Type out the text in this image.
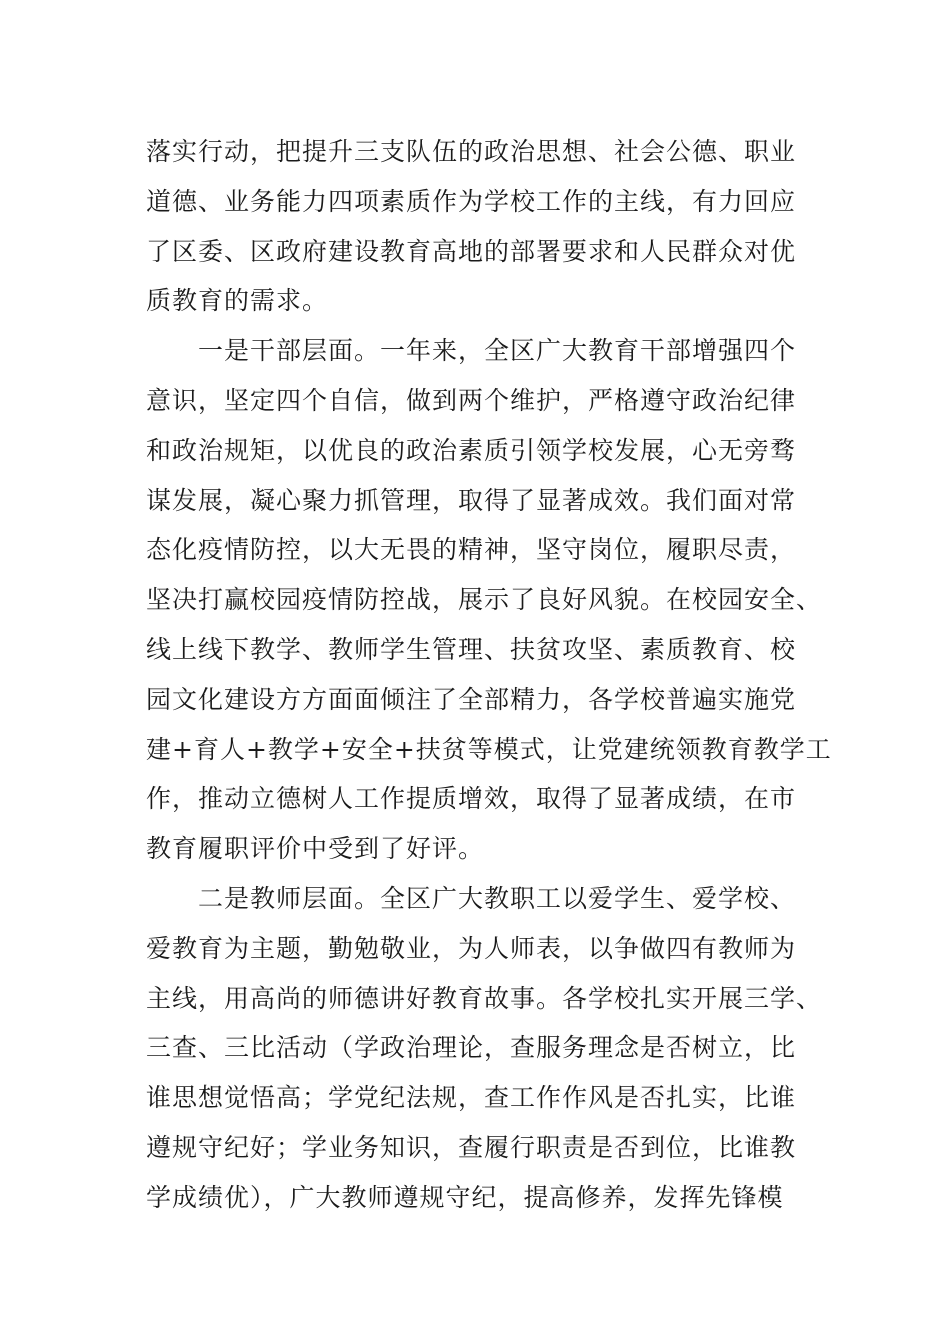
落实行动，把提升三支队伍的政治思想、社会公德、职业
道德、业务能力四项素质作为学校工作的主线，有力回应
了区委、区政府建设教育高地的部署要求和人民群众对优
质教育的需求。
一是干部层面。一年来，全区广大教育干部增强四个
意识，坚定四个自信，做到两个维护，严格遵守政治纪律
和政治规矩，以优良的政治素质引领学校发展，心无旁骛
谋发展，凝心聚力抓管理，取得了显著成效。我们面对常
态化疫情防控，以大无畏的精神，坚守岗位，履职尽责，
坚决打赢校园疫情防控战，展示了良好风貌。在校园安全、
线上线下教学、教师学生管理、扶贫攻坚、素质教育、校
园文化建设方方面面倾注了全部精力，各学校普遍实施党
建+育人+教学+安全+扶贫等模式，让党建统领教育教学工
作，推动立德树人工作提质增效，取得了显著成绩，在市
教育履职评价中受到了好评。
二是教师层面。全区广大教职工以爱学生、爱学校、
爱教育为主题，勤勉敬业，为人师表，以争做四有教师为
主线，用高尚的师德讲好教育故事。各学校扎实开展三学、
三查、三比活动（学政治理论，查服务理念是否树立，比
谁思想觉悟高；学党纪法规，查工作作风是否扎实，比谁
遵规守纪好；学业务知识，查履行职责是否到位，比谁教
学成绩优），广大教师遵规守纪，提高修养，发挥先锋模
